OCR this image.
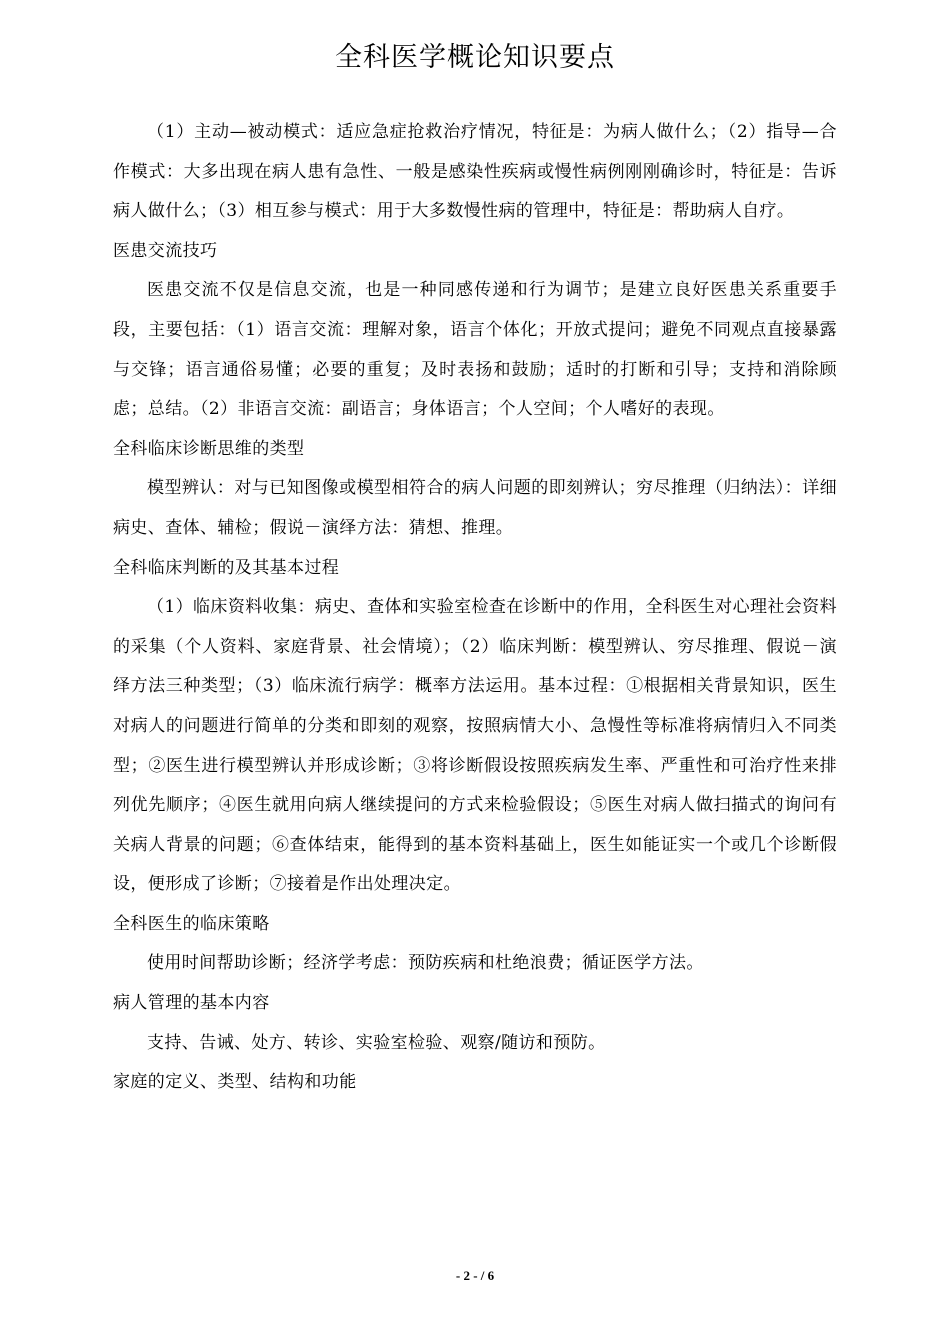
全科医学概论知识要点

（1）主动—被动模式：适应急症抢救治疗情况，特征是：为病人做什么；（2）指导—合作模式：大多出现在病人患有急性、一般是感染性疾病或慢性病例刚刚确诊时，特征是：告诉病人做什么；（3）相互参与模式：用于大多数慢性病的管理中，特征是：帮助病人自疗。

医患交流技巧

医患交流不仅是信息交流，也是一种同感传递和行为调节；是建立良好医患关系重要手段，主要包括：（1）语言交流：理解对象，语言个体化；开放式提问；避免不同观点直接暴露与交锋；语言通俗易懂；必要的重复；及时表扬和鼓励；适时的打断和引导；支持和消除顾虑；总结。（2）非语言交流：副语言；身体语言；个人空间；个人嗜好的表现。

全科临床诊断思维的类型

模型辨认：对与已知图像或模型相符合的病人问题的即刻辨认；穷尽推理（归纳法）：详细病史、查体、辅检；假说－演绎方法：猜想、推理。

全科临床判断的及其基本过程

（1）临床资料收集：病史、查体和实验室检查在诊断中的作用，全科医生对心理社会资料的采集（个人资料、家庭背景、社会情境）；（2）临床判断：模型辨认、穷尽推理、假说－演绎方法三种类型；（3）临床流行病学：概率方法运用。基本过程：①根据相关背景知识，医生对病人的问题进行简单的分类和即刻的观察，按照病情大小、急慢性等标准将病情归入不同类型；②医生进行模型辨认并形成诊断；③将诊断假设按照疾病发生率、严重性和可治疗性来排列优先顺序；④医生就用向病人继续提问的方式来检验假设；⑤医生对病人做扫描式的询问有关病人背景的问题；⑥查体结束，能得到的基本资料基础上，医生如能证实一个或几个诊断假设，便形成了诊断；⑦接着是作出处理决定。

全科医生的临床策略

使用时间帮助诊断；经济学考虑：预防疾病和杜绝浪费；循证医学方法。

病人管理的基本内容

支持、告诫、处方、转诊、实验室检验、观察/随访和预防。

家庭的定义、类型、结构和功能

- 2 - / 6
